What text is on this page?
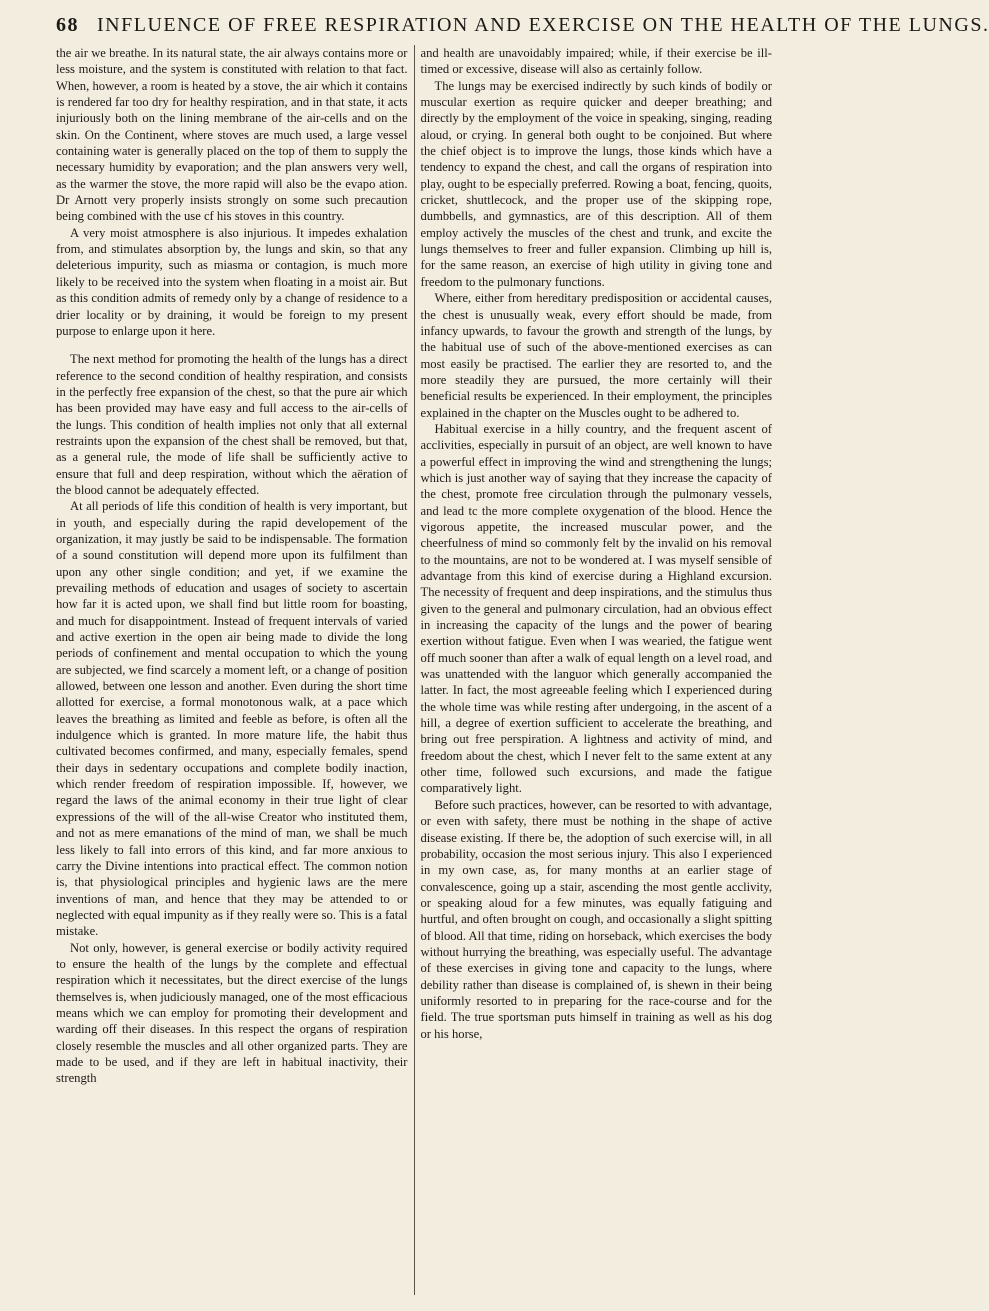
68 INFLUENCE OF FREE RESPIRATION AND EXERCISE ON THE HEALTH OF THE LUNGS.

the air we breathe. In its natural state, the air always contains more or less moisture, and the system is constituted with relation to that fact. When, however, a room is heated by a stove, the air which it contains is rendered far too dry for healthy respiration, and in that state, it acts injuriously both on the lining membrane of the air-cells and on the skin. On the Continent, where stoves are much used, a large vessel containing water is generally placed on the top of them to supply the necessary humidity by evaporation; and the plan answers very well, as the warmer the stove, the more rapid will also be the evapo ation. Dr Arnott very properly insists strongly on some such precaution being combined with the use cf his stoves in this country.

A very moist atmosphere is also injurious. It impedes exhalation from, and stimulates absorption by, the lungs and skin, so that any deleterious impurity, such as miasma or contagion, is much more likely to be received into the system when floating in a moist air. But as this condition admits of remedy only by a change of residence to a drier locality or by draining, it would be foreign to my present purpose to enlarge upon it here.

The next method for promoting the health of the lungs has a direct reference to the second condition of healthy respiration, and consists in the perfectly free expansion of the chest, so that the pure air which has been provided may have easy and full access to the air-cells of the lungs. This condition of health implies not only that all external restraints upon the expansion of the chest shall be removed, but that, as a general rule, the mode of life shall be sufficiently active to ensure that full and deep respiration, without which the aëration of the blood cannot be adequately effected.

At all periods of life this condition of health is very important, but in youth, and especially during the rapid developement of the organization, it may justly be said to be indispensable. The formation of a sound constitution will depend more upon its fulfilment than upon any other single condition; and yet, if we examine the prevailing methods of education and usages of society to ascertain how far it is acted upon, we shall find but little room for boasting, and much for disappointment. Instead of frequent intervals of varied and active exertion in the open air being made to divide the long periods of confinement and mental occupation to which the young are subjected, we find scarcely a moment left, or a change of position allowed, between one lesson and another. Even during the short time allotted for exercise, a formal monotonous walk, at a pace which leaves the breathing as limited and feeble as before, is often all the indulgence which is granted. In more mature life, the habit thus cultivated becomes confirmed, and many, especially females, spend their days in sedentary occupations and complete bodily inaction, which render freedom of respiration impossible. If, however, we regard the laws of the animal economy in their true light of clear expressions of the will of the all-wise Creator who instituted them, and not as mere emanations of the mind of man, we shall be much less likely to fall into errors of this kind, and far more anxious to carry the Divine intentions into practical effect. The common notion is, that physiological principles and hygienic laws are the mere inventions of man, and hence that they may be attended to or neglected with equal impunity as if they really were so. This is a fatal mistake.

Not only, however, is general exercise or bodily activity required to ensure the health of the lungs by the complete and effectual respiration which it necessitates, but the direct exercise of the lungs themselves is, when judiciously managed, one of the most efficacious means which we can employ for promoting their development and warding off their diseases. In this respect the organs of respiration closely resemble the muscles and all other organized parts. They are made to be used, and if they are left in habitual inactivity, their strength

and health are unavoidably impaired; while, if their exercise be ill-timed or excessive, disease will also as certainly follow.

The lungs may be exercised indirectly by such kinds of bodily or muscular exertion as require quicker and deeper breathing; and directly by the employment of the voice in speaking, singing, reading aloud, or crying. In general both ought to be conjoined. But where the chief object is to improve the lungs, those kinds which have a tendency to expand the chest, and call the organs of respiration into play, ought to be especially preferred. Rowing a boat, fencing, quoits, cricket, shuttlecock, and the proper use of the skipping rope, dumbbells, and gymnastics, are of this description. All of them employ actively the muscles of the chest and trunk, and excite the lungs themselves to freer and fuller expansion. Climbing up hill is, for the same reason, an exercise of high utility in giving tone and freedom to the pulmonary functions.

Where, either from hereditary predisposition or accidental causes, the chest is unusually weak, every effort should be made, from infancy upwards, to favour the growth and strength of the lungs, by the habitual use of such of the above-mentioned exercises as can most easily be practised. The earlier they are resorted to, and the more steadily they are pursued, the more certainly will their beneficial results be experienced. In their employment, the principles explained in the chapter on the Muscles ought to be adhered to.

Habitual exercise in a hilly country, and the frequent ascent of acclivities, especially in pursuit of an object, are well known to have a powerful effect in improving the wind and strengthening the lungs; which is just another way of saying that they increase the capacity of the chest, promote free circulation through the pulmonary vessels, and lead tc the more complete oxygenation of the blood. Hence the vigorous appetite, the increased muscular power, and the cheerfulness of mind so commonly felt by the invalid on his removal to the mountains, are not to be wondered at. I was myself sensible of advantage from this kind of exercise during a Highland excursion. The necessity of frequent and deep inspirations, and the stimulus thus given to the general and pulmonary circulation, had an obvious effect in increasing the capacity of the lungs and the power of bearing exertion without fatigue. Even when I was wearied, the fatigue went off much sooner than after a walk of equal length on a level road, and was unattended with the languor which generally accompanied the latter. In fact, the most agreeable feeling which I experienced during the whole time was while resting after undergoing, in the ascent of a hill, a degree of exertion sufficient to accelerate the breathing, and bring out free perspiration. A lightness and activity of mind, and freedom about the chest, which I never felt to the same extent at any other time, followed such excursions, and made the fatigue comparatively light.

Before such practices, however, can be resorted to with advantage, or even with safety, there must be nothing in the shape of active disease existing. If there be, the adoption of such exercise will, in all probability, occasion the most serious injury. This also I experienced in my own case, as, for many months at an earlier stage of convalescence, going up a stair, ascending the most gentle acclivity, or speaking aloud for a few minutes, was equally fatiguing and hurtful, and often brought on cough, and occasionally a slight spitting of blood. All that time, riding on horseback, which exercises the body without hurrying the breathing, was especially useful. The advantage of these exercises in giving tone and capacity to the lungs, where debility rather than disease is complained of, is shewn in their being uniformly resorted to in preparing for the race-course and for the field. The true sportsman puts himself in training as well as his dog or his horse,
